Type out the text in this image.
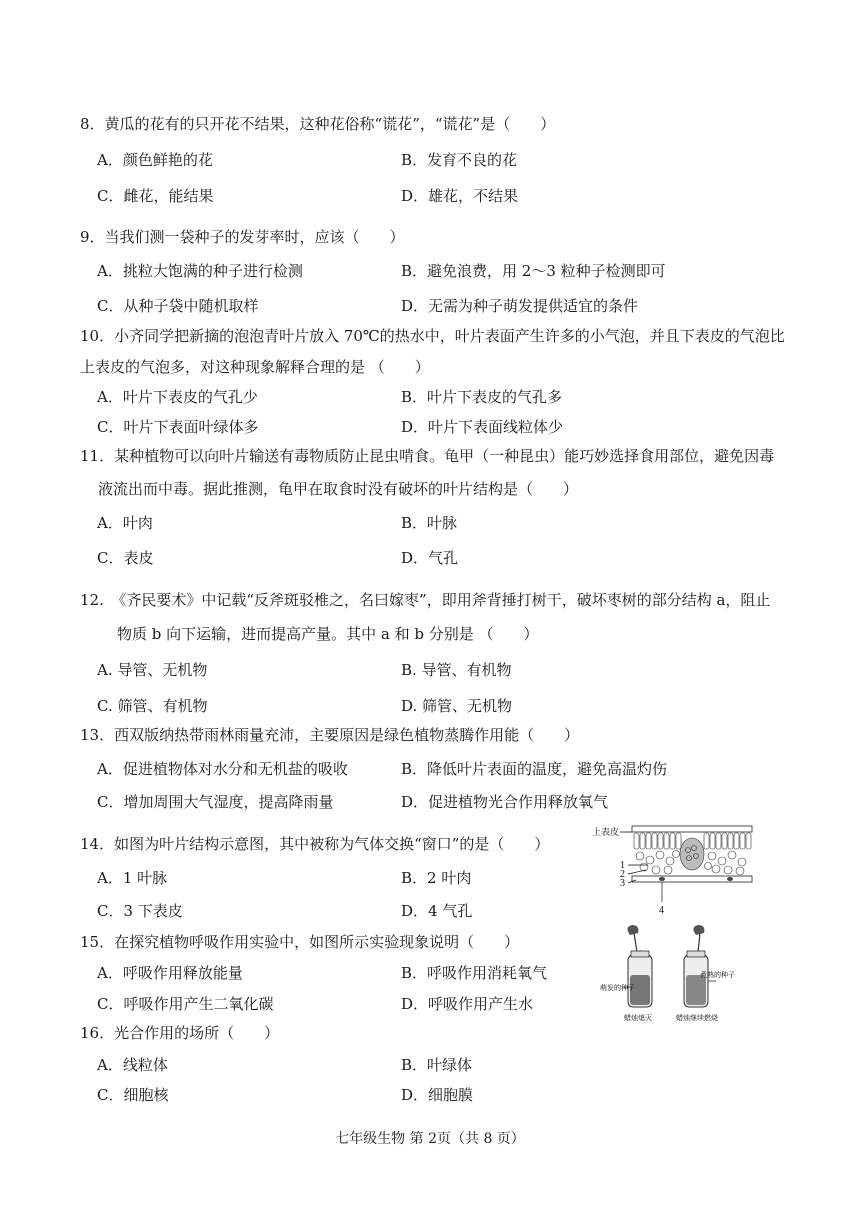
8．黄瓜的花有的只开花不结果，这种花俗称“谎花”，“谎花”是（　　）
A．颜色鲜艳的花	B．发育不良的花
C．雌花，能结果	D．雄花，不结果
9．当我们测一袋种子的发芽率时，应该（　　）
A．挑粒大饱满的种子进行检测	B．避免浪费，用 2～3 粒种子检测即可
C．从种子袋中随机取样	D．无需为种子萌发提供适宜的条件
10．小齐同学把新摘的泡泡青叶片放入 70℃的热水中，叶片表面产生许多的小气泡，并且下表皮的气泡比
上表皮的气泡多，对这种现象解释合理的是 （　　）
A．叶片下表皮的气孔少	B．叶片下表皮的气孔多
C．叶片下表面叶绿体多	D．叶片下表面线粒体少
11．某种植物可以向叶片输送有毒物质防止昆虫啃食。龟甲（一种昆虫）能巧妙选择食用部位，避免因毒
液流出而中毒。据此推测，龟甲在取食时没有破坏的叶片结构是（　　）
A．叶肉	B．叶脉
C．表皮	D．气孔
12.　《齐民要术》中记载“反斧斑驳椎之，名曰嫁枣”，即用斧背捶打树干，破坏枣树的部分结构 a，阻止
物质 b 向下运输，进而提高产量。其中 a 和 b 分别是 （　　）
A. 导管、无机物	B. 导管、有机物
C. 筛管、有机物	D. 筛管、无机物
13．西双版纳热带雨林雨量充沛，主要原因是绿色植物蒸腾作用能（　　）
A．促进植物体对水分和无机盐的吸收	B．降低叶片表面的温度，避免高温灼伤
C．增加周围大气湿度，提高降雨量	D．促进植物光合作用释放氧气
14．如图为叶片结构示意图，其中被称为气体交换“窗口”的是（　　）
A．1 叶脉	B．2 叶肉
C．3 下表皮	D．4 气孔
15．在探究植物呼吸作用实验中，如图所示实验现象说明（　　）
A．呼吸作用释放能量	B．呼吸作用消耗氧气
C．呼吸作用产生二氧化碳	D．呼吸作用产生水
16．光合作用的场所（　　）
A．线粒体	B．叶绿体
C．细胞核	D．细胞膜
上表皮
1
2
3
4
萌发的种子
煮熟的种子
蜡烛熄灭	蜡烛继续燃烧
七年级生物 第 2页（共 8 页）
